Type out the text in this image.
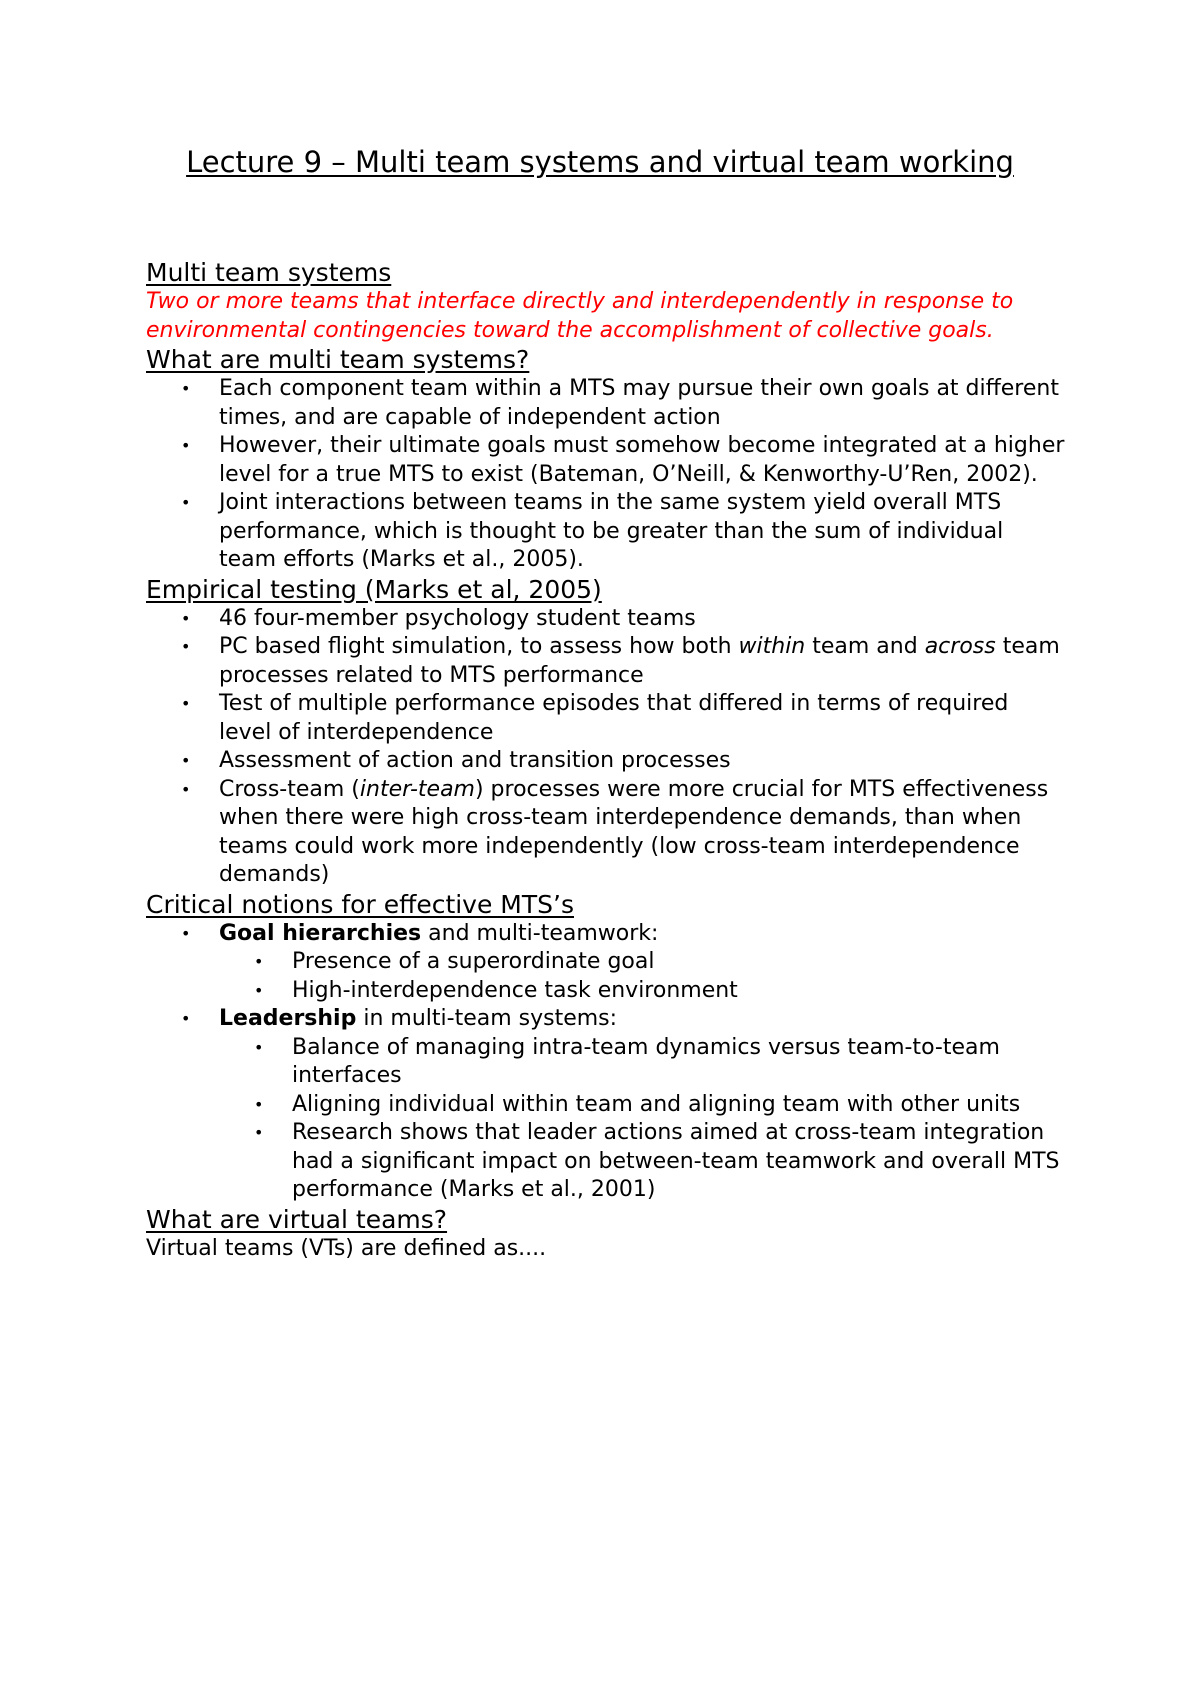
Lecture 9 – Multi team systems and virtual team working

Multi team systems

Two or more teams that interface directly and interdependently in response to environmental contingencies toward the accomplishment of collective goals.

What are multi team systems?

• Each component team within a MTS may pursue their own goals at different times, and are capable of independent action
• However, their ultimate goals must somehow become integrated at a higher level for a true MTS to exist (Bateman, O’Neill, & Kenworthy-U’Ren, 2002).
• Joint interactions between teams in the same system yield overall MTS performance, which is thought to be greater than the sum of individual team efforts (Marks et al., 2005).

Empirical testing (Marks et al, 2005)

• 46 four-member psychology student teams
• PC based flight simulation, to assess how both within team and across team processes related to MTS performance
• Test of multiple performance episodes that differed in terms of required level of interdependence
• Assessment of action and transition processes
• Cross-team (inter-team) processes were more crucial for MTS effectiveness when there were high cross-team interdependence demands, than when teams could work more independently (low cross-team interdependence demands)

Critical notions for effective MTS’s

• Goal hierarchies and multi-teamwork:
• Presence of a superordinate goal
• High-interdependence task environment
• Leadership in multi-team systems:
• Balance of managing intra-team dynamics versus team-to-team interfaces
• Aligning individual within team and aligning team with other units
• Research shows that leader actions aimed at cross-team integration had a significant impact on between-team teamwork and overall MTS performance (Marks et al., 2001)

What are virtual teams?

Virtual teams (VTs) are defined as....
